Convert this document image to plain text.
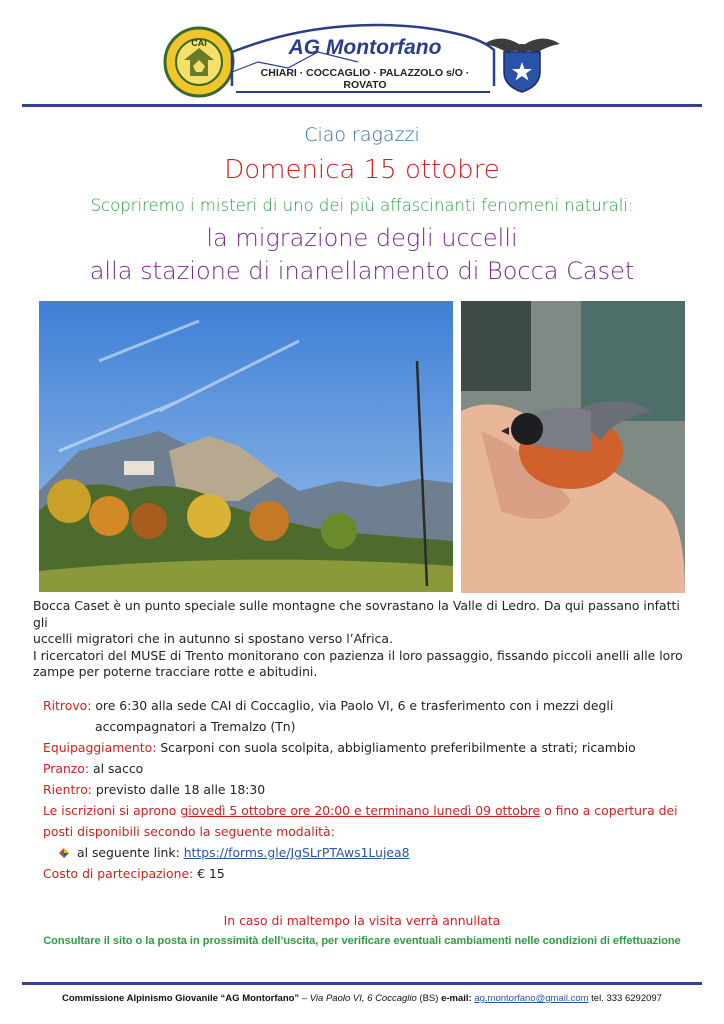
CAI	AG Montorfano
CHIARI · COCCAGLIO · PALAZZOLO s/O · ROVATO
Ciao ragazzi
Domenica 15 ottobre
Scopriremo i misteri di uno dei più affascinanti fenomeni naturali:
la migrazione degli uccelli
alla stazione di inanellamento di Bocca Caset
Bocca Caset è un punto speciale sulle montagne che sovrastano la Valle di Ledro. Da qui passano infatti gli
uccelli migratori che in autunno si spostano verso l’Africa.
I ricercatori del MUSE di Trento monitorano con pazienza il loro passaggio, fissando piccoli anelli alle loro
zampe per poterne tracciare rotte e abitudini.
Ritrovo: ore 6:30 alla sede CAI di Coccaglio, via Paolo VI, 6 e trasferimento con i mezzi degli
accompagnatori a Tremalzo (Tn)
Equipaggiamento: Scarponi con suola scolpita, abbigliamento preferibilmente a strati; ricambio
Pranzo: al sacco
Rientro: previsto dalle 18 alle 18:30
Le iscrizioni si aprono giovedì 5 ottobre ore 20:00 e terminano lunedì 09 ottobre o fino a copertura dei
posti disponibili secondo la seguente modalità:
al seguente link: https://forms.gle/JgSLrPTAws1Lujea8
Costo di partecipazione: € 15
In caso di maltempo la visita verrà annullata
Consultare il sito o la posta in prossimità dell’uscita, per verificare eventuali cambiamenti nelle condizioni di effettuazione
Commissione Alpinismo Giovanile “AG Montorfano” – Via Paolo VI, 6 Coccaglio (BS) e-mail: ag.montorfano@gmail.com tel. 333 6292097
